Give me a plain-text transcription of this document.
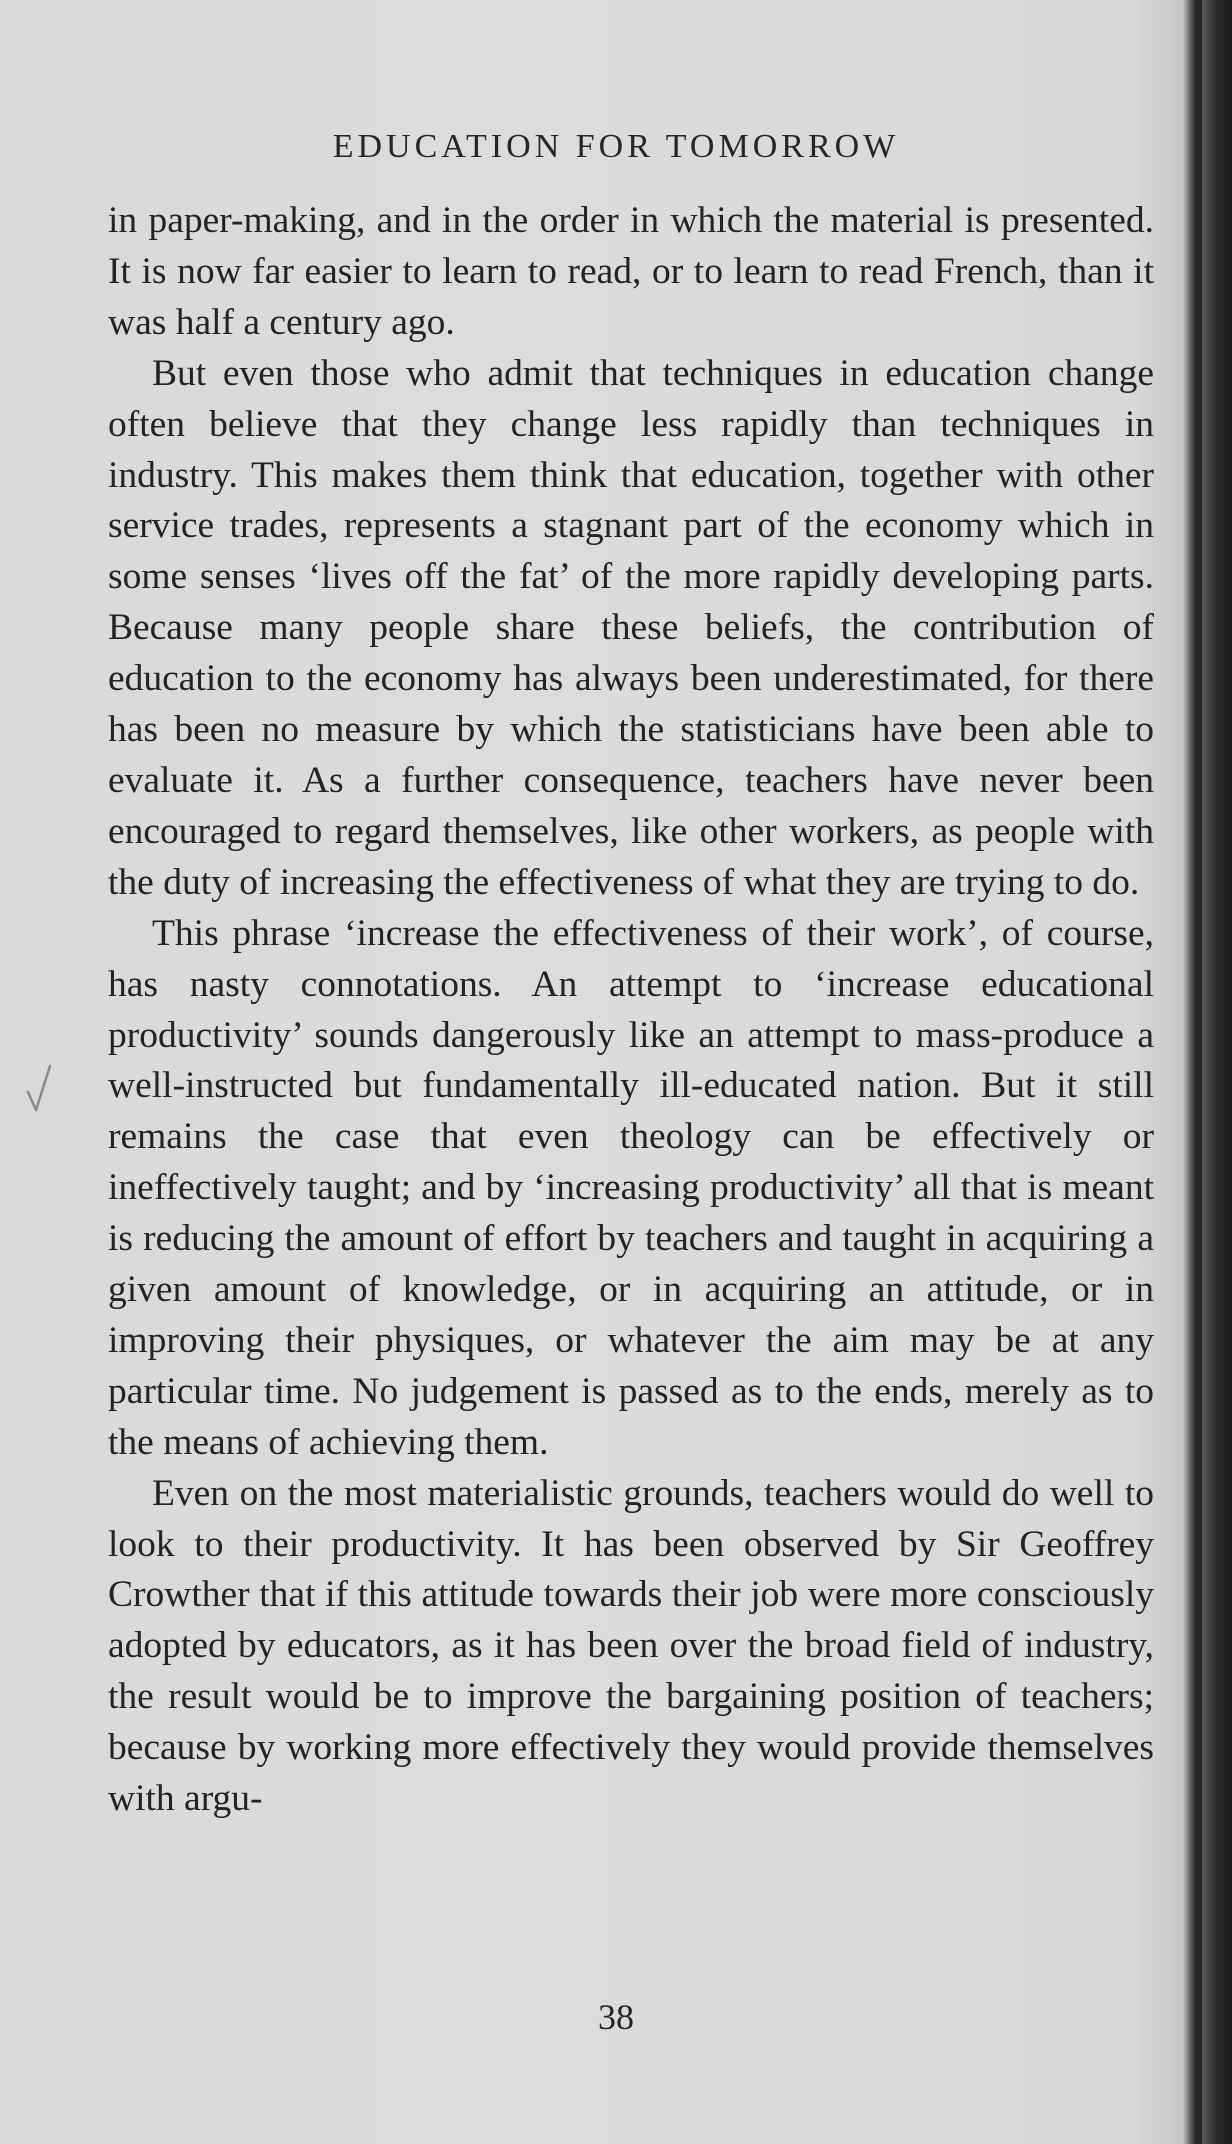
EDUCATION FOR TOMORROW

in paper-making, and in the order in which the material is presented. It is now far easier to learn to read, or to learn to read French, than it was half a century ago.

But even those who admit that techniques in education change often believe that they change less rapidly than techniques in industry. This makes them think that education, together with other service trades, represents a stagnant part of the economy which in some senses ‘lives off the fat’ of the more rapidly developing parts. Because many people share these beliefs, the contribution of education to the economy has always been underestimated, for there has been no measure by which the statisticians have been able to evaluate it. As a further consequence, teachers have never been encouraged to regard themselves, like other workers, as people with the duty of increasing the effectiveness of what they are trying to do.

This phrase ‘increase the effectiveness of their work’, of course, has nasty connotations. An attempt to ‘increase educational productivity’ sounds dangerously like an attempt to mass-produce a well-instructed but fundamentally ill-educated nation. But it still remains the case that even theology can be effectively or ineffectively taught; and by ‘increasing productivity’ all that is meant is reducing the amount of effort by teachers and taught in acquiring a given amount of knowledge, or in acquiring an attitude, or in improving their physiques, or whatever the aim may be at any particular time. No judgement is passed as to the ends, merely as to the means of achieving them.

Even on the most materialistic grounds, teachers would do well to look to their productivity. It has been observed by Sir Geoffrey Crowther that if this attitude towards their job were more consciously adopted by educators, as it has been over the broad field of industry, the result would be to improve the bargaining position of teachers; because by working more effectively they would provide themselves with argu-

38
